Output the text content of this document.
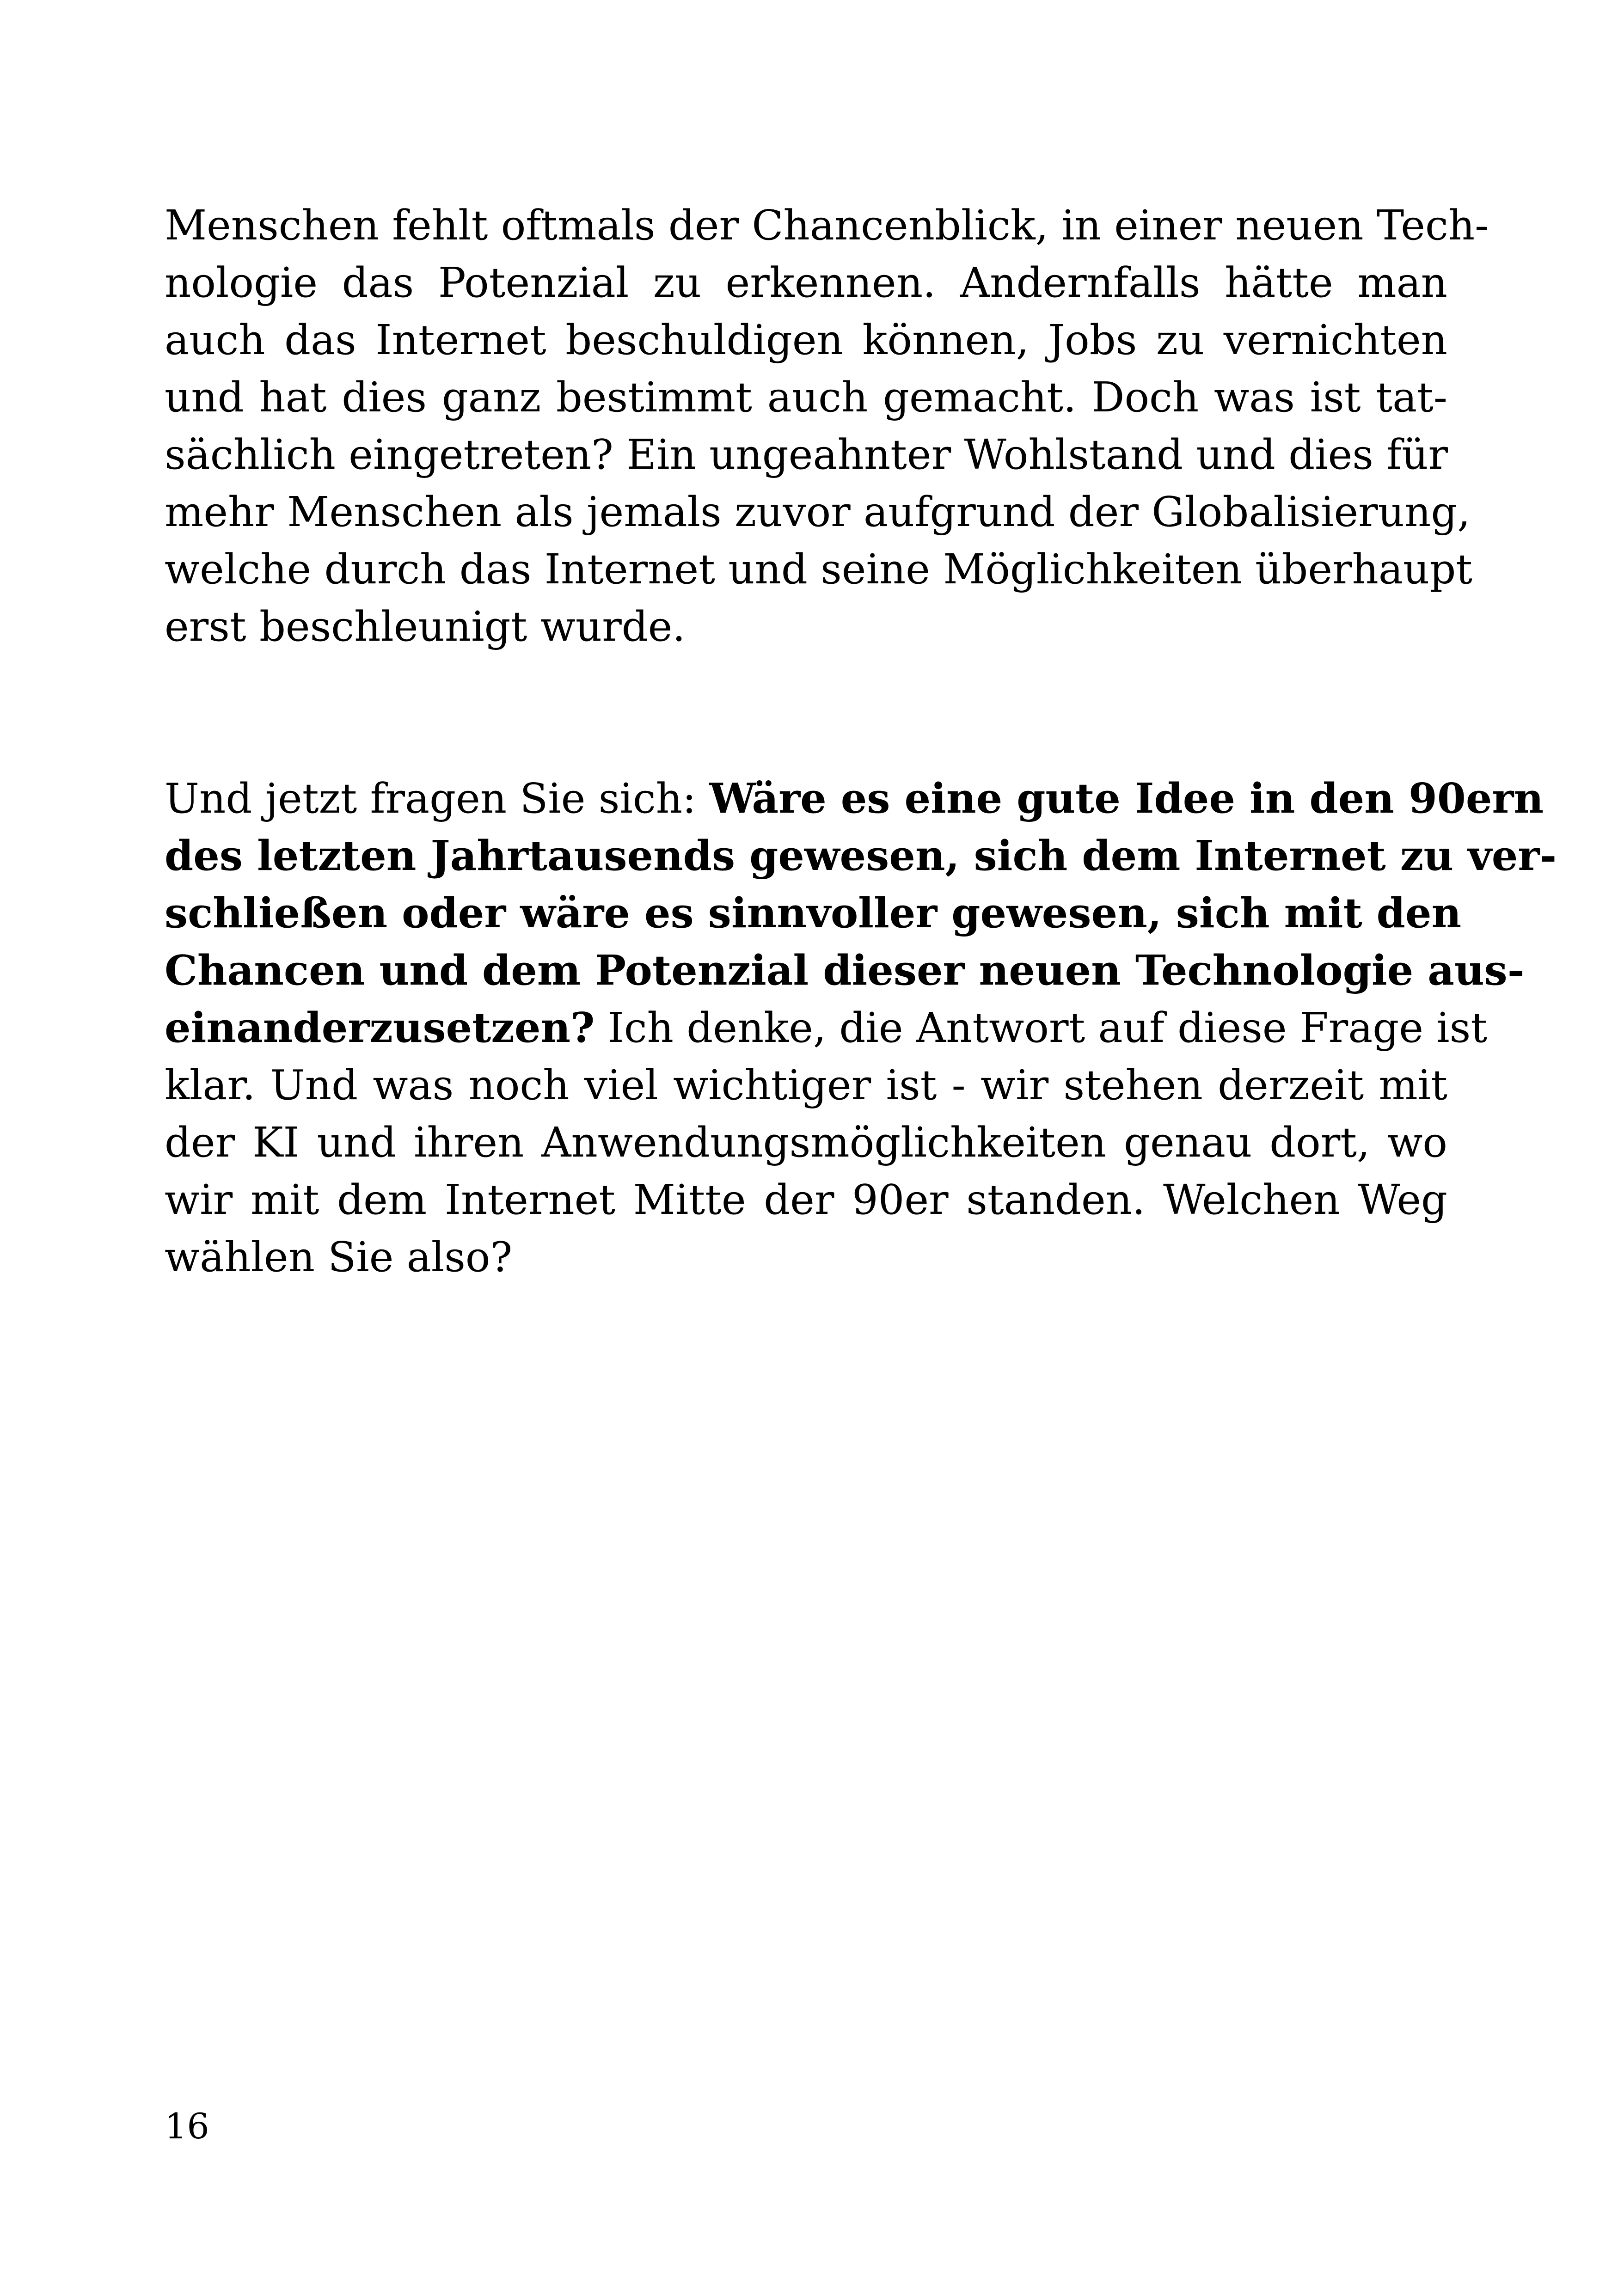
Menschen fehlt oftmals der Chancenblick, in einer neuen Tech-

nologie das Potenzial zu erkennen. Andernfalls hätte man

auch das Internet beschuldigen können, Jobs zu vernichten

und hat dies ganz bestimmt auch gemacht. Doch was ist tat-

sächlich eingetreten? Ein ungeahnter Wohlstand und dies für

mehr Menschen als jemals zuvor aufgrund der Globalisierung,

welche durch das Internet und seine Möglichkeiten überhaupt

erst beschleunigt wurde.

Und jetzt fragen Sie sich: Wäre es eine gute Idee in den 90ern

des letzten Jahrtausends gewesen, sich dem Internet zu ver-

schließen oder wäre es sinnvoller gewesen, sich mit den

Chancen und dem Potenzial dieser neuen Technologie aus-

einanderzusetzen? Ich denke, die Antwort auf diese Frage ist

klar. Und was noch viel wichtiger ist - wir stehen derzeit mit

der KI und ihren Anwendungsmöglichkeiten genau dort, wo

wir mit dem Internet Mitte der 90er standen. Welchen Weg

wählen Sie also?

16
